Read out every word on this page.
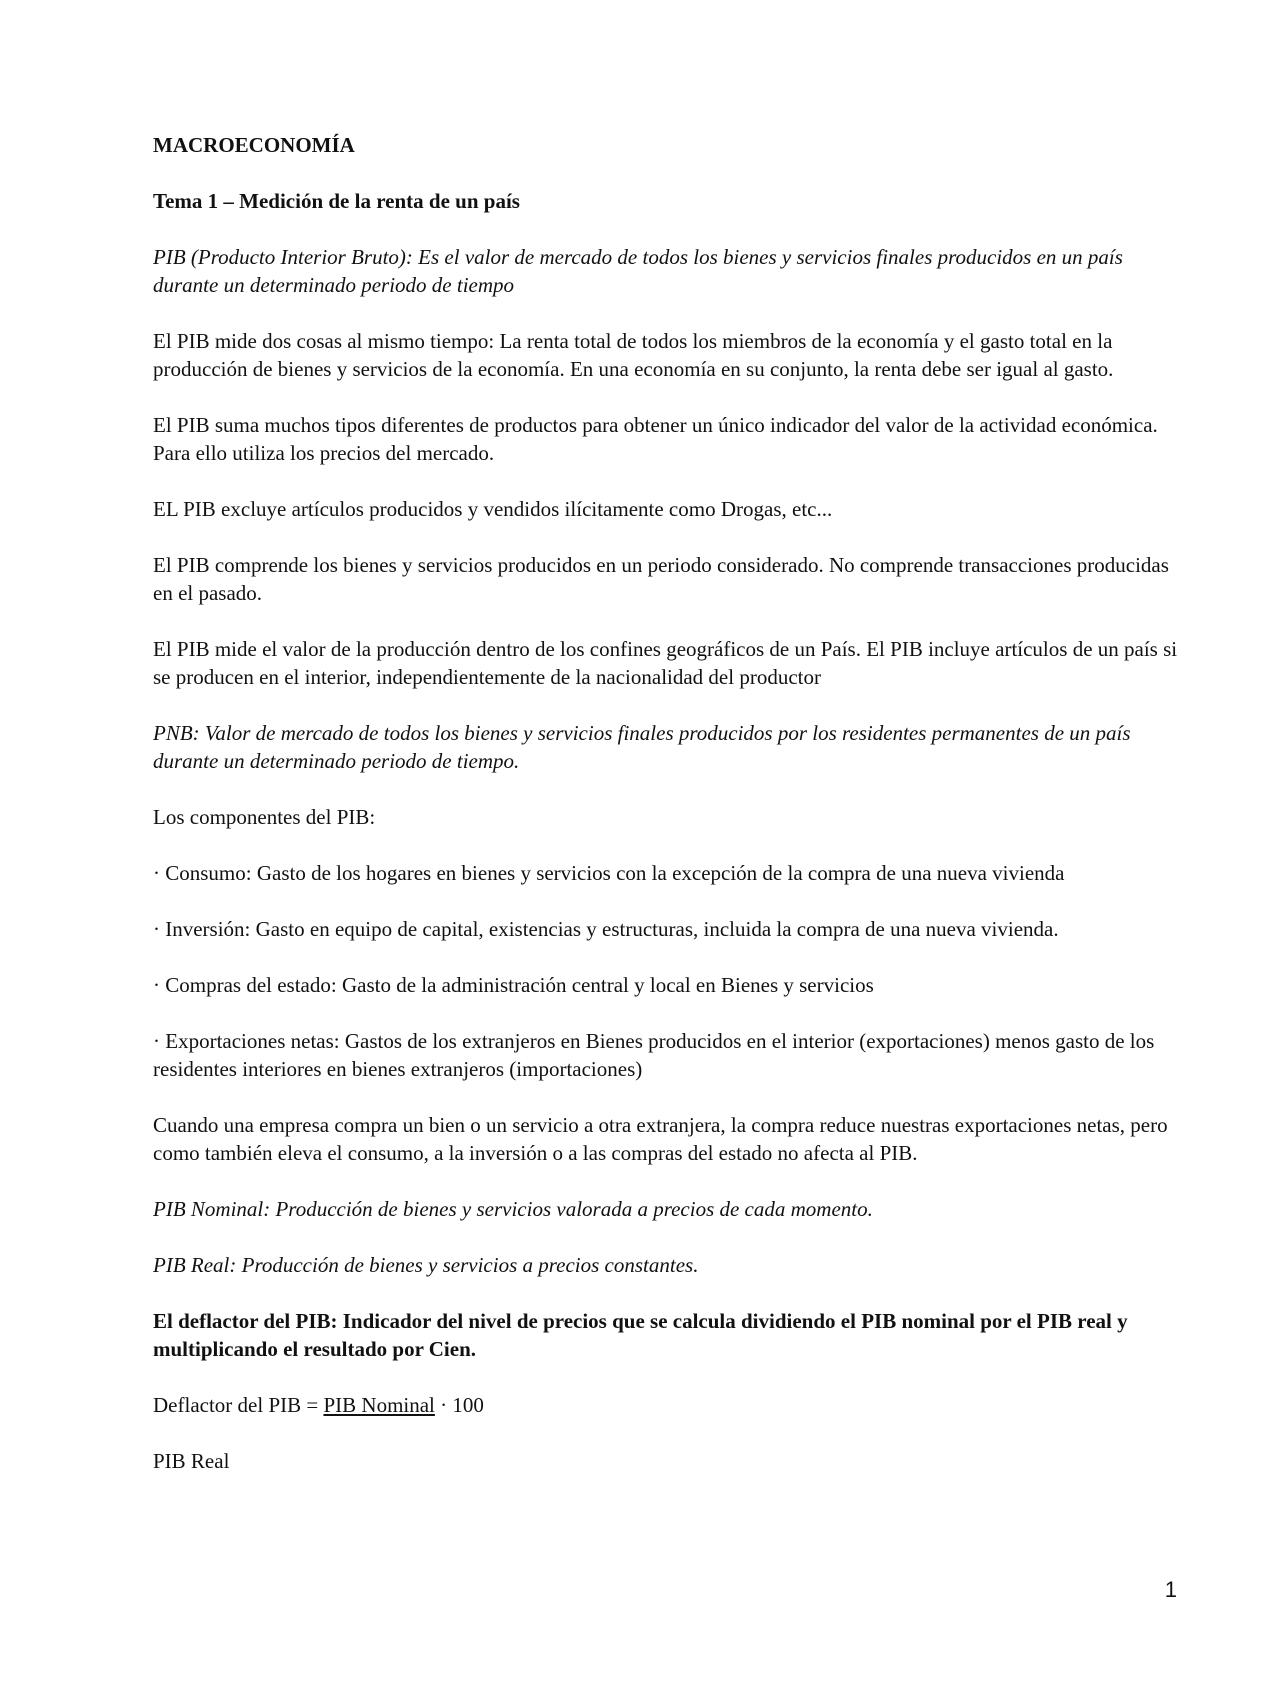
MACROECONOMÍA

Tema 1 – Medición de la renta de un país

PIB (Producto Interior Bruto): Es el valor de mercado de todos los bienes y servicios finales producidos en un país durante un determinado periodo de tiempo

El PIB mide dos cosas al mismo tiempo: La renta total de todos los miembros de la economía y el gasto total en la producción de bienes y servicios de la economía. En una economía en su conjunto, la renta debe ser igual al gasto.

El PIB suma muchos tipos diferentes de productos para obtener un único indicador del valor de la actividad económica. Para ello utiliza los precios del mercado.

EL PIB excluye artículos producidos y vendidos ilícitamente como Drogas, etc...

El PIB comprende los bienes y servicios producidos en un periodo considerado. No comprende transacciones producidas en el pasado.

El PIB mide el valor de la producción dentro de los confines geográficos de un País. El PIB incluye artículos de un país si se producen en el interior, independientemente de la nacionalidad del productor

PNB: Valor de mercado de todos los bienes y servicios finales producidos por los residentes permanentes de un país durante un determinado periodo de tiempo.

Los componentes del PIB:

· Consumo: Gasto de los hogares en bienes y servicios con la excepción de la compra de una nueva vivienda

· Inversión: Gasto en equipo de capital, existencias y estructuras, incluida la compra de una nueva vivienda.

· Compras del estado: Gasto de la administración central y local en Bienes y servicios

· Exportaciones netas: Gastos de los extranjeros en Bienes producidos en el interior (exportaciones) menos gasto de los residentes interiores en bienes extranjeros (importaciones)

Cuando una empresa compra un bien o un servicio a otra extranjera, la compra reduce nuestras exportaciones netas, pero como también eleva el consumo, a la inversión o a las compras del estado no afecta al PIB.

PIB Nominal: Producción de bienes y servicios valorada a precios de cada momento.

PIB Real: Producción de bienes y servicios a precios constantes.

El deflactor del PIB: Indicador del nivel de precios que se calcula dividiendo el PIB nominal por el PIB real y multiplicando el resultado por Cien.

Deflactor del PIB = PIB Nominal · 100

PIB Real

1
